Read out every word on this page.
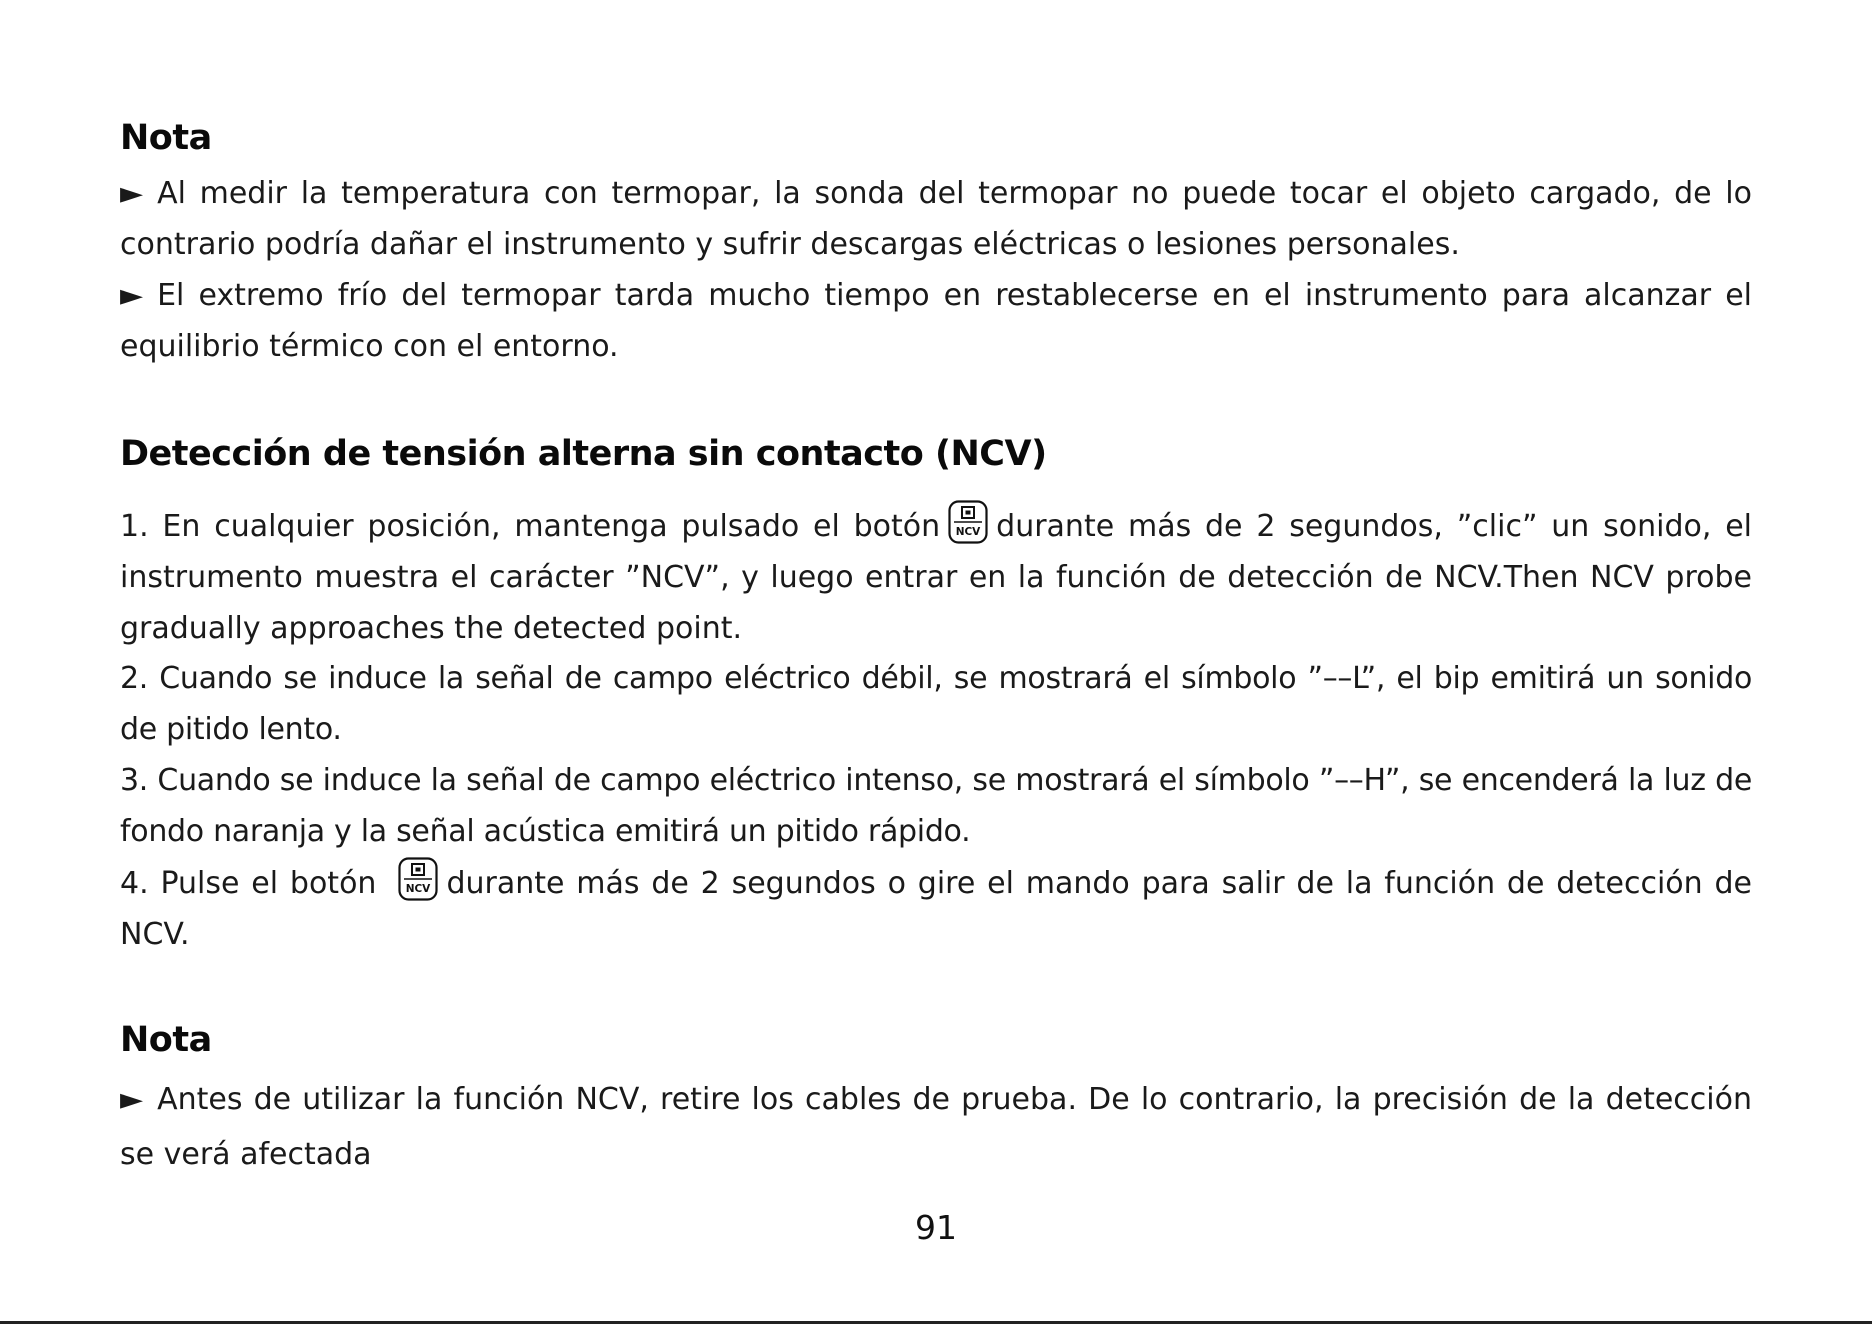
Nota
► Al medir la temperatura con termopar, la sonda del termopar no puede tocar el objeto cargado, de lo contrario podría dañar el instrumento y sufrir descargas eléctricas o lesiones personales.
► El extremo frío del termopar tarda mucho tiempo en restablecerse en el instrumento para alcanzar el equilibrio térmico con el entorno.
Detección de tensión alterna sin contacto (NCV)
1. En cualquier posición, mantenga pulsado el botón NCV durante más de 2 segundos, ”clic” un sonido, el instrumento muestra el carácter ”NCV”, y luego entrar en la función de detección de NCV.Then NCV probe gradually approaches the detected point.
2. Cuando se induce la señal de campo eléctrico débil, se mostrará el símbolo ”––L”, el bip emitirá un sonido de pitido lento.
3. Cuando se induce la señal de campo eléctrico intenso, se mostrará el símbolo ”––H”, se encenderá la luz de fondo naranja y la señal acústica emitirá un pitido rápido.
4. Pulse el botón	NCV durante más de 2 segundos o gire el mando para salir de la función de detección de NCV.
Nota
► Antes de utilizar la función NCV, retire los cables de prueba. De lo contrario, la precisión de la detección se verá afectada
91
